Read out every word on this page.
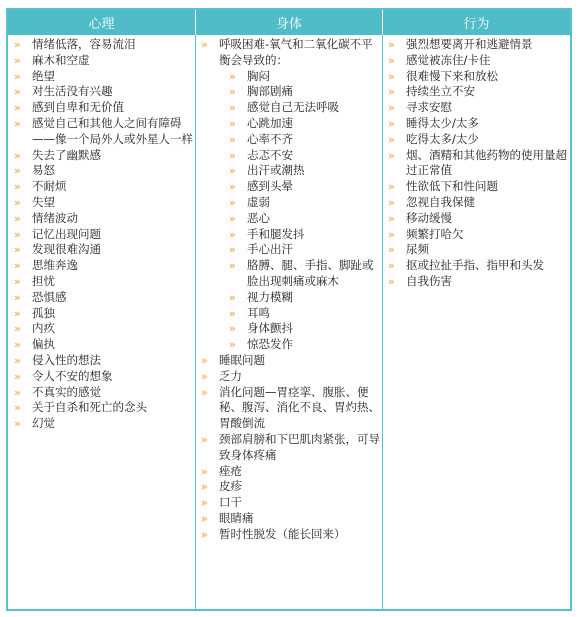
心理	身体	行为
» 情绪低落，容易流泪
» 麻木和空虚
» 绝望
» 对生活没有兴趣
» 感到自卑和无价值
» 感觉自己和其他人之间有障碍——像一个局外人或外星人一样
» 失去了幽默感
» 易怒
» 不耐烦
» 失望
» 情绪波动
» 记忆出现问题
» 发现很难沟通
» 思维奔逸
» 担忧
» 恐惧感
» 孤独
» 内疚
» 偏执
» 侵入性的想法
» 令人不安的想象
» 不真实的感觉
» 关于自杀和死亡的念头
» 幻觉
» 呼吸困难-氧气和二氧化碳不平衡会导致的：
» 胸闷
» 胸部剧痛
» 感觉自己无法呼吸
» 心跳加速
» 心率不齐
» 忐忑不安
» 出汗或潮热
» 感到头晕
» 虚弱
» 恶心
» 手和腿发抖
» 手心出汗
» 胳膊、腿、手指、脚趾或脸出现刺痛或麻木
» 视力模糊
» 耳鸣
» 身体颤抖
» 惊恐发作
» 睡眠问题
» 乏力
» 消化问题—胃痉挛、腹胀、便秘、腹泻、消化不良、胃灼热、胃酸倒流
» 颈部肩膀和下巴肌肉紧张，可导致身体疼痛
» 痤疮
» 皮疹
» 口干
» 眼睛痛
» 暂时性脱发（能长回来）
» 强烈想要离开和逃避情景
» 感觉被冻住/卡住
» 很难慢下来和放松
» 持续坐立不安
» 寻求安慰
» 睡得太少/太多
» 吃得太多/太少
» 烟、酒精和其他药物的使用量超过正常值
» 性欲低下和性问题
» 忽视自我保健
» 移动缓慢
» 频繁打哈欠
» 尿频
» 抠或拉扯手指、指甲和头发
» 自我伤害
